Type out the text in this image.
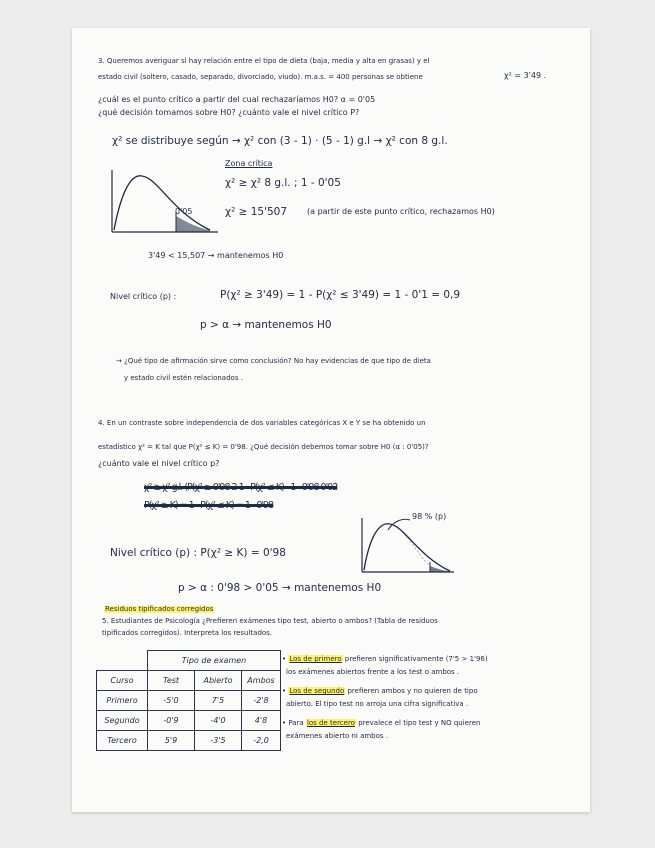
3. Queremos averiguar si hay relación entre el tipo de dieta (baja, media y alta en grasas) y el
estado civil (soltero, casado, separado, divorciado, viudo). m.a.s. = 400 personas se obtiene	χ² = 3'49 .
¿cuál es el punto crítico a partir del cual rechazaríamos H0? α = 0'05
¿qué decisión tomamos sobre H0? ¿cuánto vale el nivel crítico P?
χ² se distribuye según → χ² con (3 - 1) · (5 - 1) g.l → χ² con 8 g.l.
Zona crítica
χ² ≥ χ² 8 g.l. ; 1 - 0'05
χ² ≥ 15'507 (a partir de este punto crítico, rechazamos H0)
0'05
3'49 < 15,507 → mantenemos H0
Nivel crítico (p) :	P(χ² ≥ 3'49) = 1 - P(χ² ≤ 3'49) = 1 - 0'1 = 0,9
p > α → mantenemos H0
→ ¿Qué tipo de afirmación sirve como conclusión? No hay evidencias de que tipo de dieta
y estado civil estén relacionados .
4. En un contraste sobre independencia de dos variables categóricas X e Y se ha obtenido un
estadístico χ² = K tal que P(χ² ≤ K) = 0'98. ¿Qué decisión debemos tomar sobre H0 (α : 0'05)?
¿cuánto vale el nivel crítico p?
χ² ≥ χ² g.l. (P(χ² ≥ 0'98 2 1 - P(χ² ≤ K) - 1 - 0'98 0'02
P(χ² ≥ K) = 1 - P(χ² ≤ K) = 1 - 0'98
98 % (p)
Nivel crítico (p) : P(χ² ≥ K) = 0'98
p > α : 0'98 > 0'05 → mantenemos H0
Residuos tipificados corregidos
5. Estudiantes de Psicología ¿Prefieren exámenes tipo test, abierto o ambos? (Tabla de residuos
tipificados corregidos). Interpreta los resultados.
	Tipo de examen		
Curso	Test	Abierto	Ambos
Primero	-5'0	7'5	-2'8
Segundo	-0'9	-4'0	4'8
Tercero	5'9	-3'5	-2,0
• Los de primero prefieren significativamente (7'5 > 1'96)
los exámenes abiertos frente a los test o ambos .
• Los de segundo prefieren ambos y no quieren de tipo
abierto. El tipo test no arroja una cifra significativa .
• Para los de tercero prevalece el tipo test y NO quieren
exámenes abierto ni ambos .
